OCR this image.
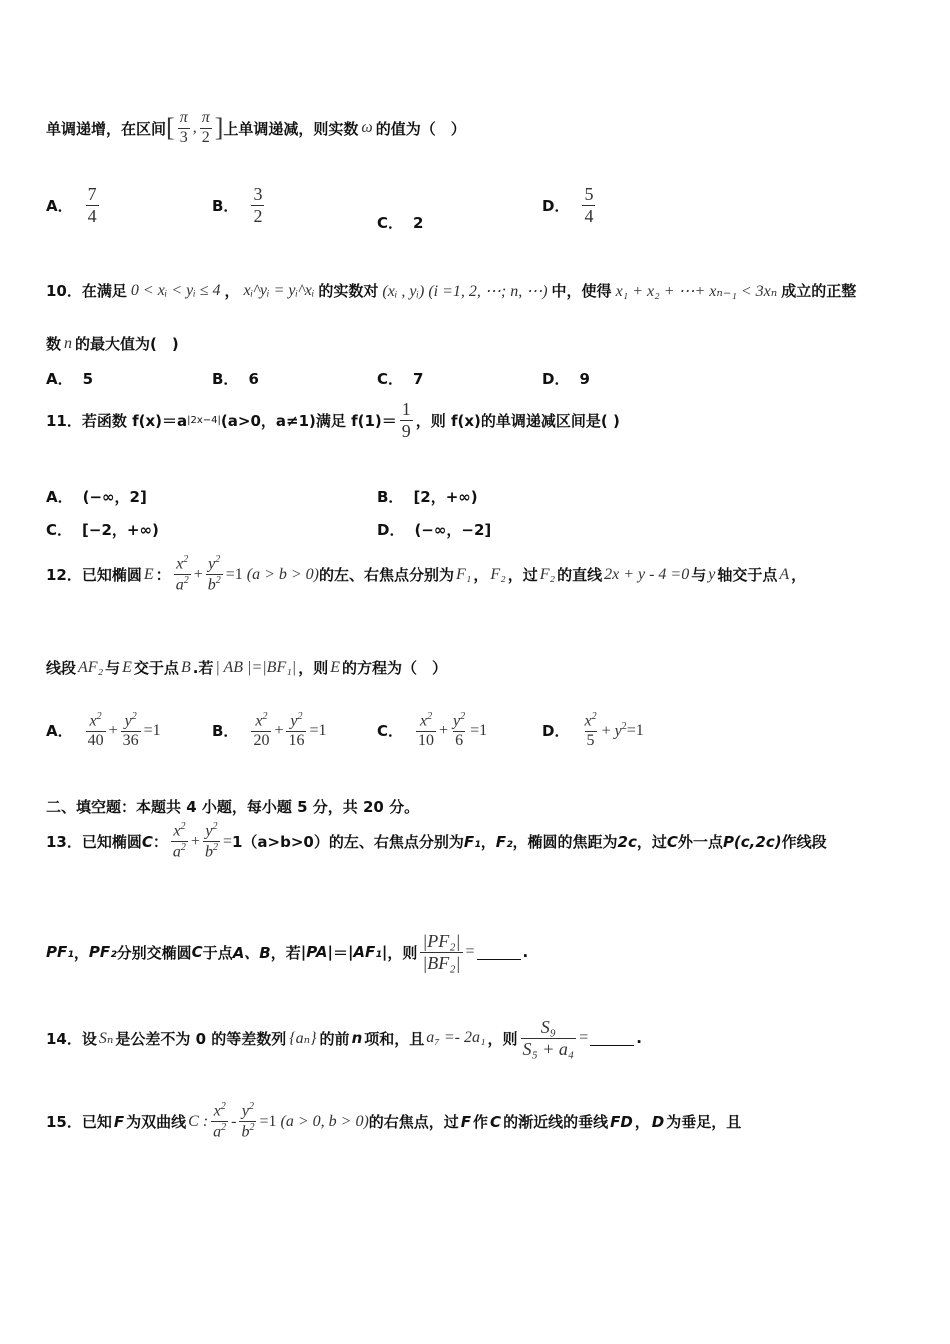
单调递增，在区间 [ $\frac{\pi}{3}$ , $\frac{\pi}{2}$ ] 上单调递减，则实数 ω 的值为（　）
A． $\frac{7}{4}$	B． $\frac{3}{2}$	C． 2
D． $\frac{5}{4}$
10． 在满足 0 < xᵢ < yᵢ ≤ 4 ， xᵢ^yᵢ = yᵢ^xᵢ 的实数对 (xᵢ , yᵢ) (i =1, 2, ⋯; n, ⋯) 中，使得 x₁ + x₂ + ⋯+ xₙ₋₁ < 3xₙ 成立的正整
数 n 的最大值为(　)
A． 5	B． 6	C． 7	D． 9
11． 若函数 f(x)＝a |2x−4| (a>0，a≠1)满足 $f(1)= \frac{1}{9}$ ，则 f(x)的单调递减区间是( )
A． (−∞，2]	B． [2，+∞)
C． [−2，+∞)	D． (−∞，−2]
12． 已知椭圆 E ： $\frac{x^2}{a^2} + \frac{y^2}{b^2} =1$ (a > b > 0) 的左、右焦点分别为 F₁ ， F₂ ，过 F₂ 的直线 2x + y - 4 =0 与 y 轴交于点 A ，
线段 AF₂ 与 E 交于点 B .若 | AB |=|BF₁| ，则 E 的方程为（　）
A． $\frac{x^2}{40} + \frac{y^2}{36} =1$	B． $\frac{x^2}{20} + \frac{y^2}{16} =1$	C． $\frac{x^2}{10} + \frac{y^2}{6} =1$	D． $\frac{x^2}{5} + y^2 =1$
二、填空题：本题共 4 小题，每小题 5 分，共 20 分。
13． 已知椭圆 C ： $\frac{x^2}{a^2} + \frac{y^2}{b^2} = 1(a>b>0)$的左、右焦点分别为 F₁ ， F₂ ，椭圆的焦距为 2c ，过 C 外一点 P(c,2c) 作线段
PF₁ ， PF₂ 分别交椭圆 C 于点 A、B ，若 |PA| ＝ |AF₁| ，则 $\frac{\text{|PF₂|}}{\text{|BF₂|}}$ =	.
14． 设 Sₙ 是公差不为 0 的等差数列 {aₙ} 的前 n 项和，且 a₇ =- 2a₁ ，则 $\frac{\text{S₉}}{\text{S₅ + a₄}}$ =	.
15． 已知 F 为双曲线 C : $\frac{x^2}{a^2} - \frac{y^2}{b^2} =1$ (a > 0, b > 0) 的右焦点，过 F 作 C 的渐近线的垂线 FD ， D 为垂足，且
